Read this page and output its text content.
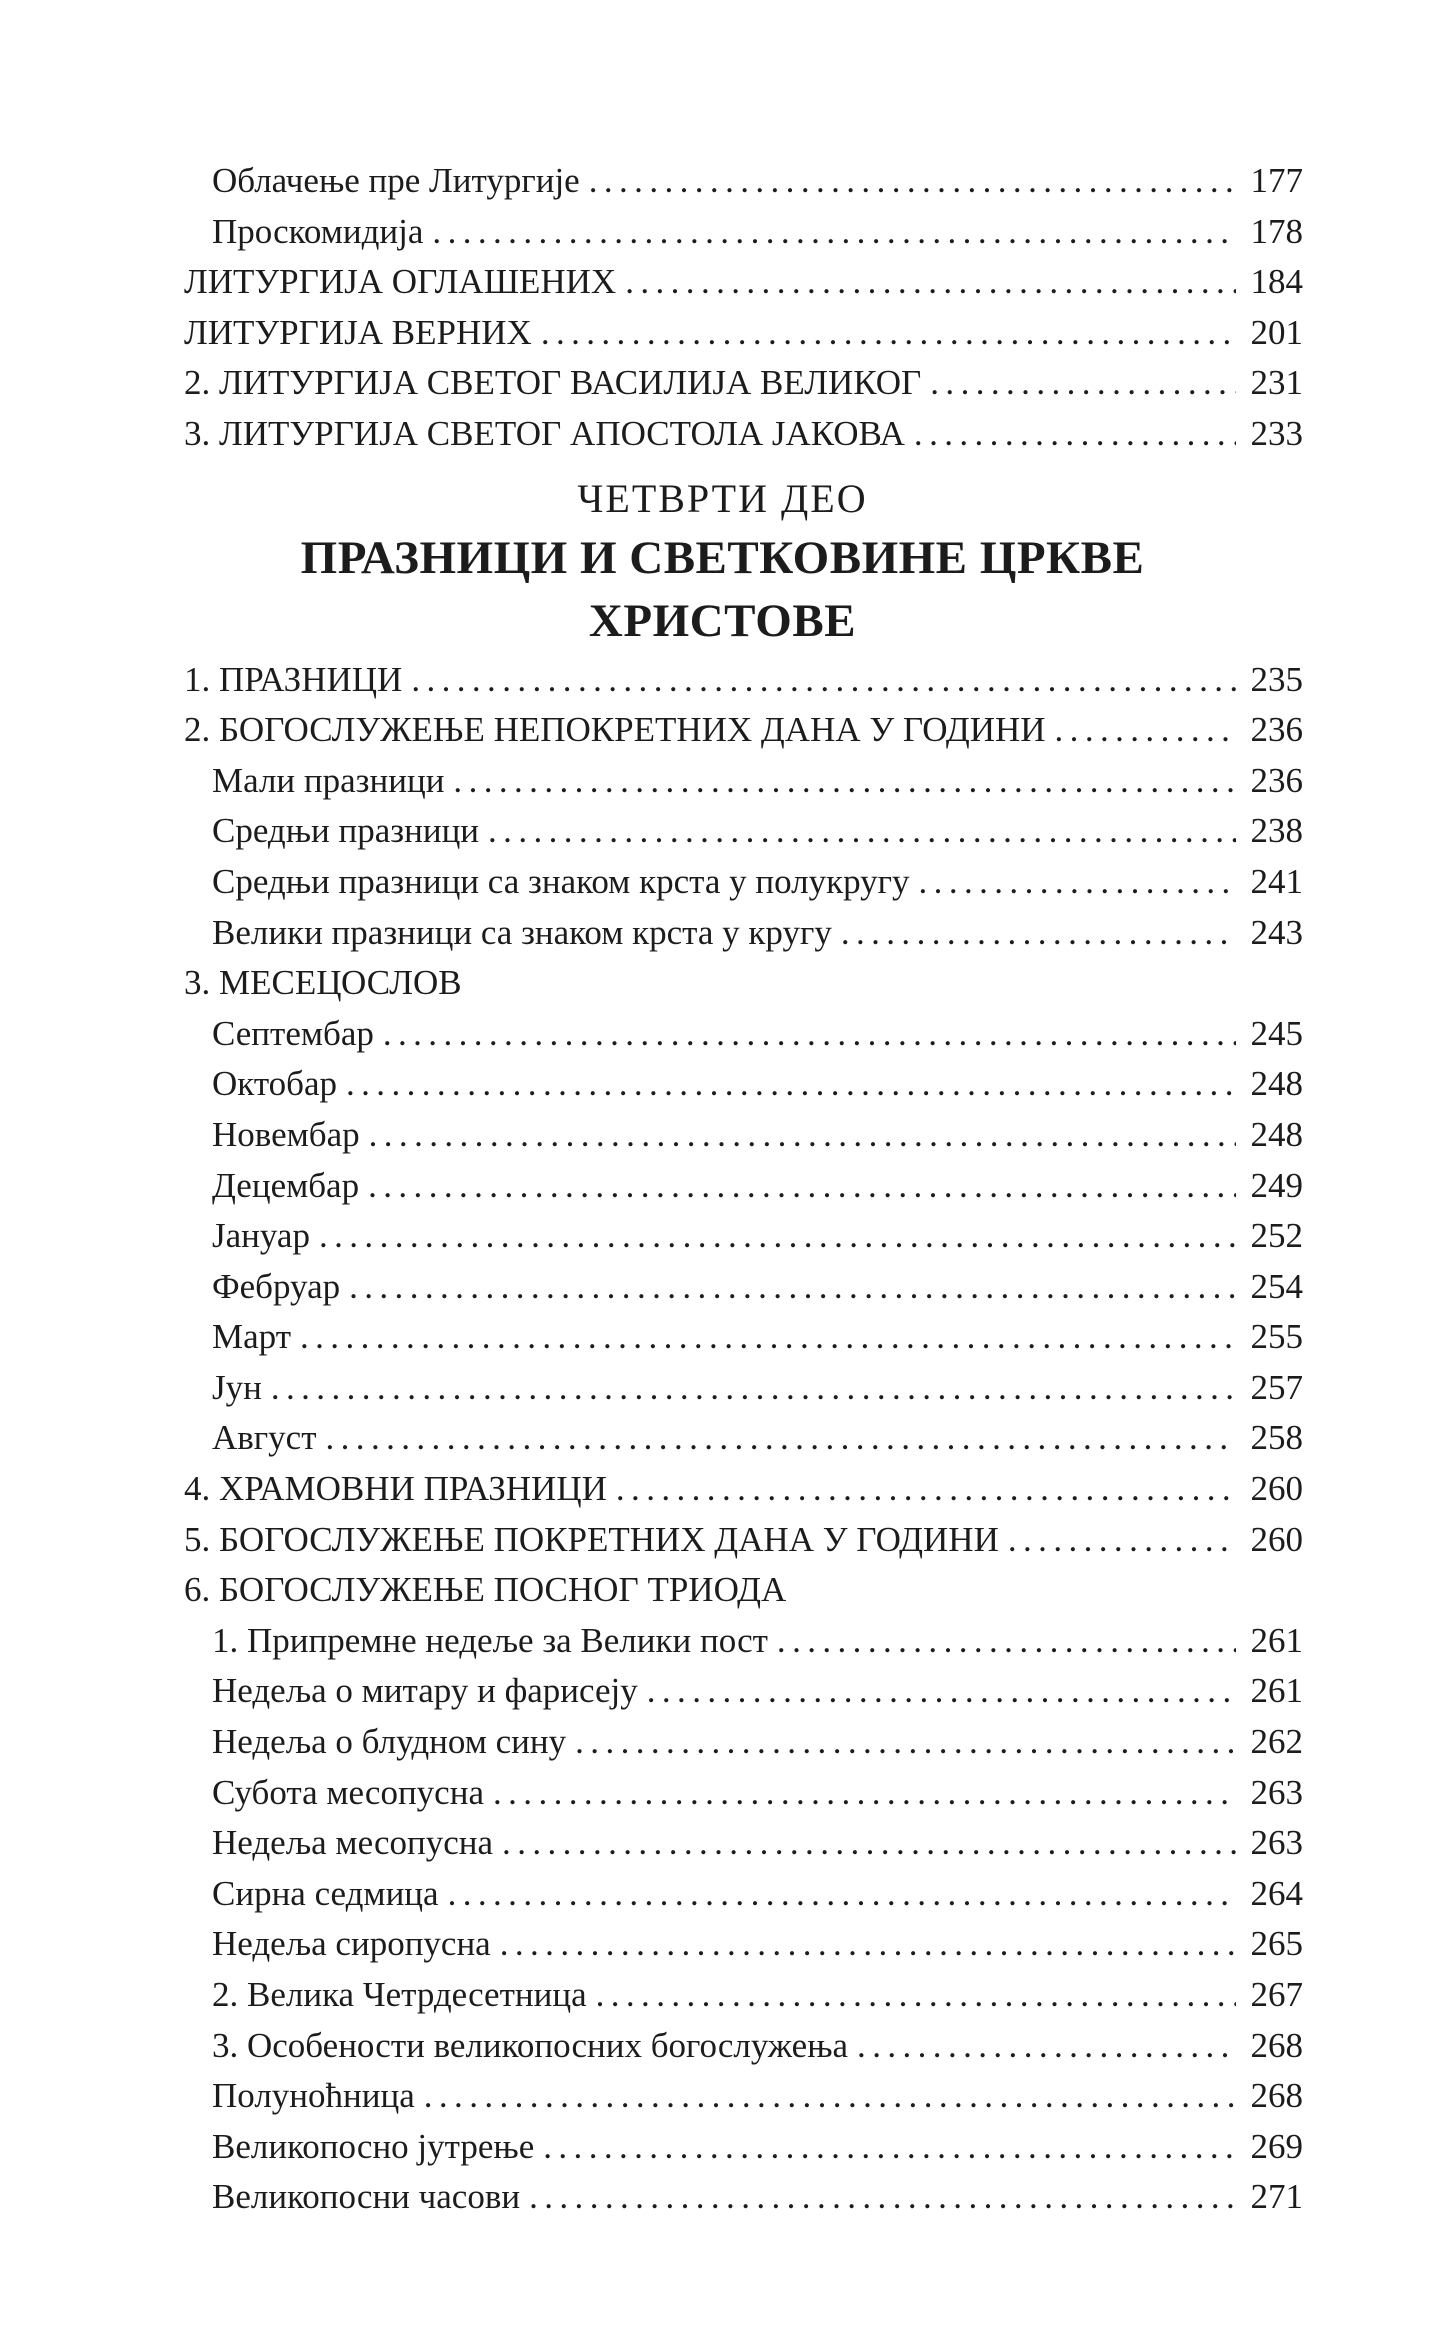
Облачење пре Литургије .....	177
Проскомидија .....	178
ЛИТУРГИЈА ОГЛАШЕНИХ .....	184
ЛИТУРГИЈА ВЕРНИХ .....	201
2. ЛИТУРГИЈА СВЕТОГ ВАСИЛИЈА ВЕЛИКОГ .....	231
3. ЛИТУРГИЈА СВЕТОГ АПОСТОЛА ЈАКОВА .....	233
ЧЕТВРТИ ДЕО
ПРАЗНИЦИ И СВЕТКОВИНЕ ЦРКВЕ ХРИСТОВЕ
1. ПРАЗНИЦИ .....	235
2. БОГОСЛУЖЕЊЕ НЕПОКРЕТНИХ ДАНА У ГОДИНИ .....	236
Мали празници .....	236
Средњи празници .....	238
Средњи празници са знаком крста у полукругу .....	241
Велики празници са знаком крста у кругу .....	243
3. МЕСЕЦОСЛОВ
Септембар .....	245
Октобар .....	248
Новембар .....	248
Децембар .....	249
Јануар .....	252
Фебруар .....	254
Март .....	255
Јун .....	257
Август .....	258
4. ХРАМОВНИ ПРАЗНИЦИ .....	260
5. БОГОСЛУЖЕЊЕ ПОКРЕТНИХ ДАНА У ГОДИНИ .....	260
6. БОГОСЛУЖЕЊЕ ПОСНОГ ТРИОДА
1. Припремне недеље за Велики пост .....	261
Недеља о митару и фарисеју .....	261
Недеља о блудном сину .....	262
Субота месопусна .....	263
Недеља месопусна .....	263
Сирна седмица .....	264
Недеља сиропусна .....	265
2. Велика Четрдесетница .....	267
3. Особености великопосних богослужења .....	268
Полуноћница .....	268
Великопосно јутрење .....	269
Великопосни часови .....	271
